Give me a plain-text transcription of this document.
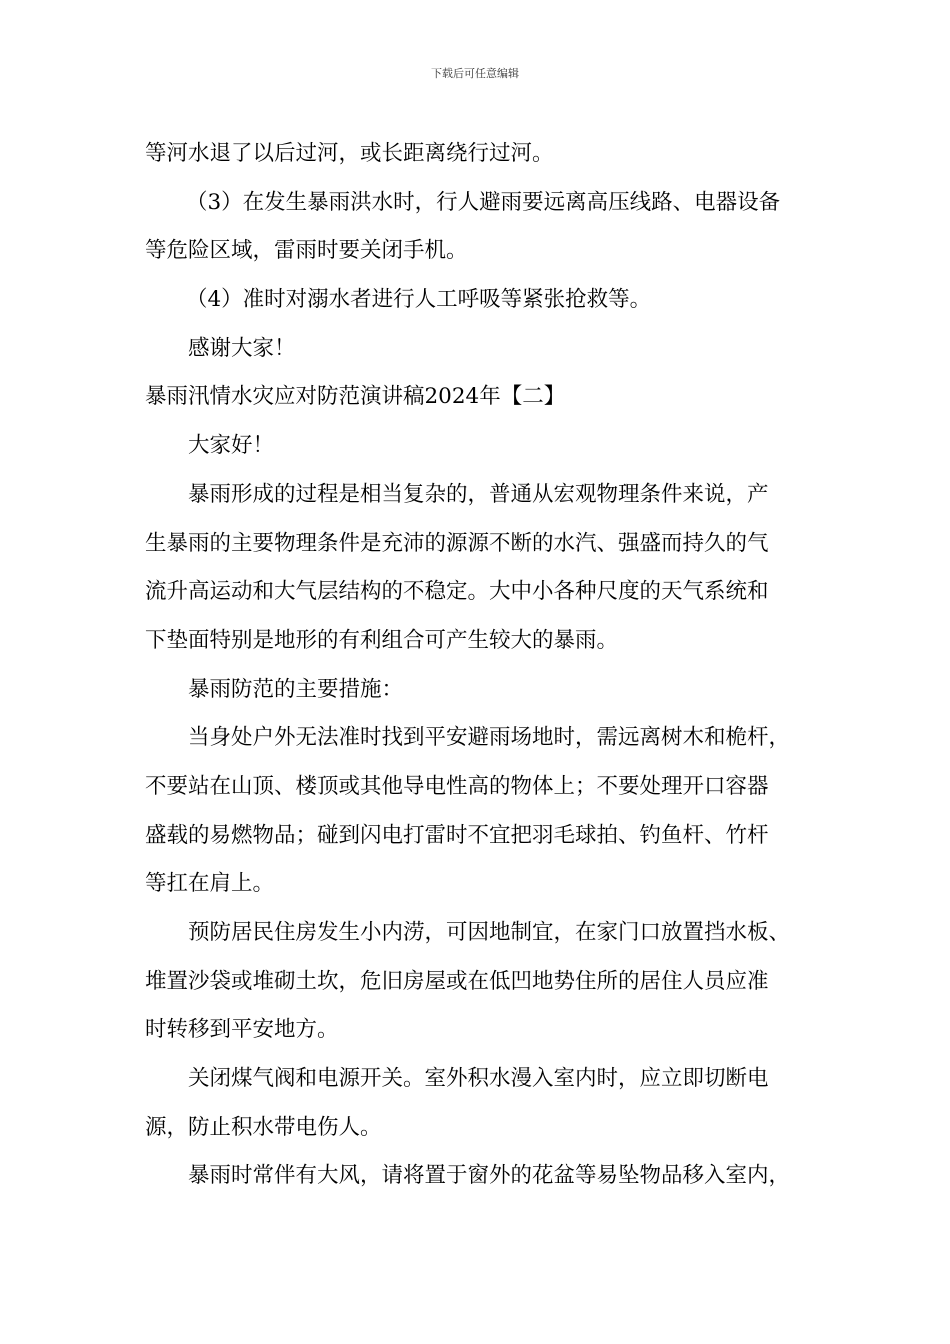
下载后可任意编辑
等河水退了以后过河，或长距离绕行过河。
（3）在发生暴雨洪水时，行人避雨要远离高压线路、电器设备
等危险区域，雷雨时要关闭手机。
（4）准时对溺水者进行人工呼吸等紧张抢救等。
感谢大家！
暴雨汛情水灾应对防范演讲稿2024年【二】
大家好！
暴雨形成的过程是相当复杂的，普通从宏观物理条件来说，产
生暴雨的主要物理条件是充沛的源源不断的水汽、强盛而持久的气
流升高运动和大气层结构的不稳定。大中小各种尺度的天气系统和
下垫面特别是地形的有利组合可产生较大的暴雨。
暴雨防范的主要措施：
当身处户外无法准时找到平安避雨场地时，需远离树木和桅杆，
不要站在山顶、楼顶或其他导电性高的物体上；不要处理开口容器
盛载的易燃物品；碰到闪电打雷时不宜把羽毛球拍、钓鱼杆、竹杆
等扛在肩上。
预防居民住房发生小内涝，可因地制宜，在家门口放置挡水板、
堆置沙袋或堆砌土坎，危旧房屋或在低凹地势住所的居住人员应准
时转移到平安地方。
关闭煤气阀和电源开关。室外积水漫入室内时，应立即切断电
源，防止积水带电伤人。
暴雨时常伴有大风，请将置于窗外的花盆等易坠物品移入室内，
